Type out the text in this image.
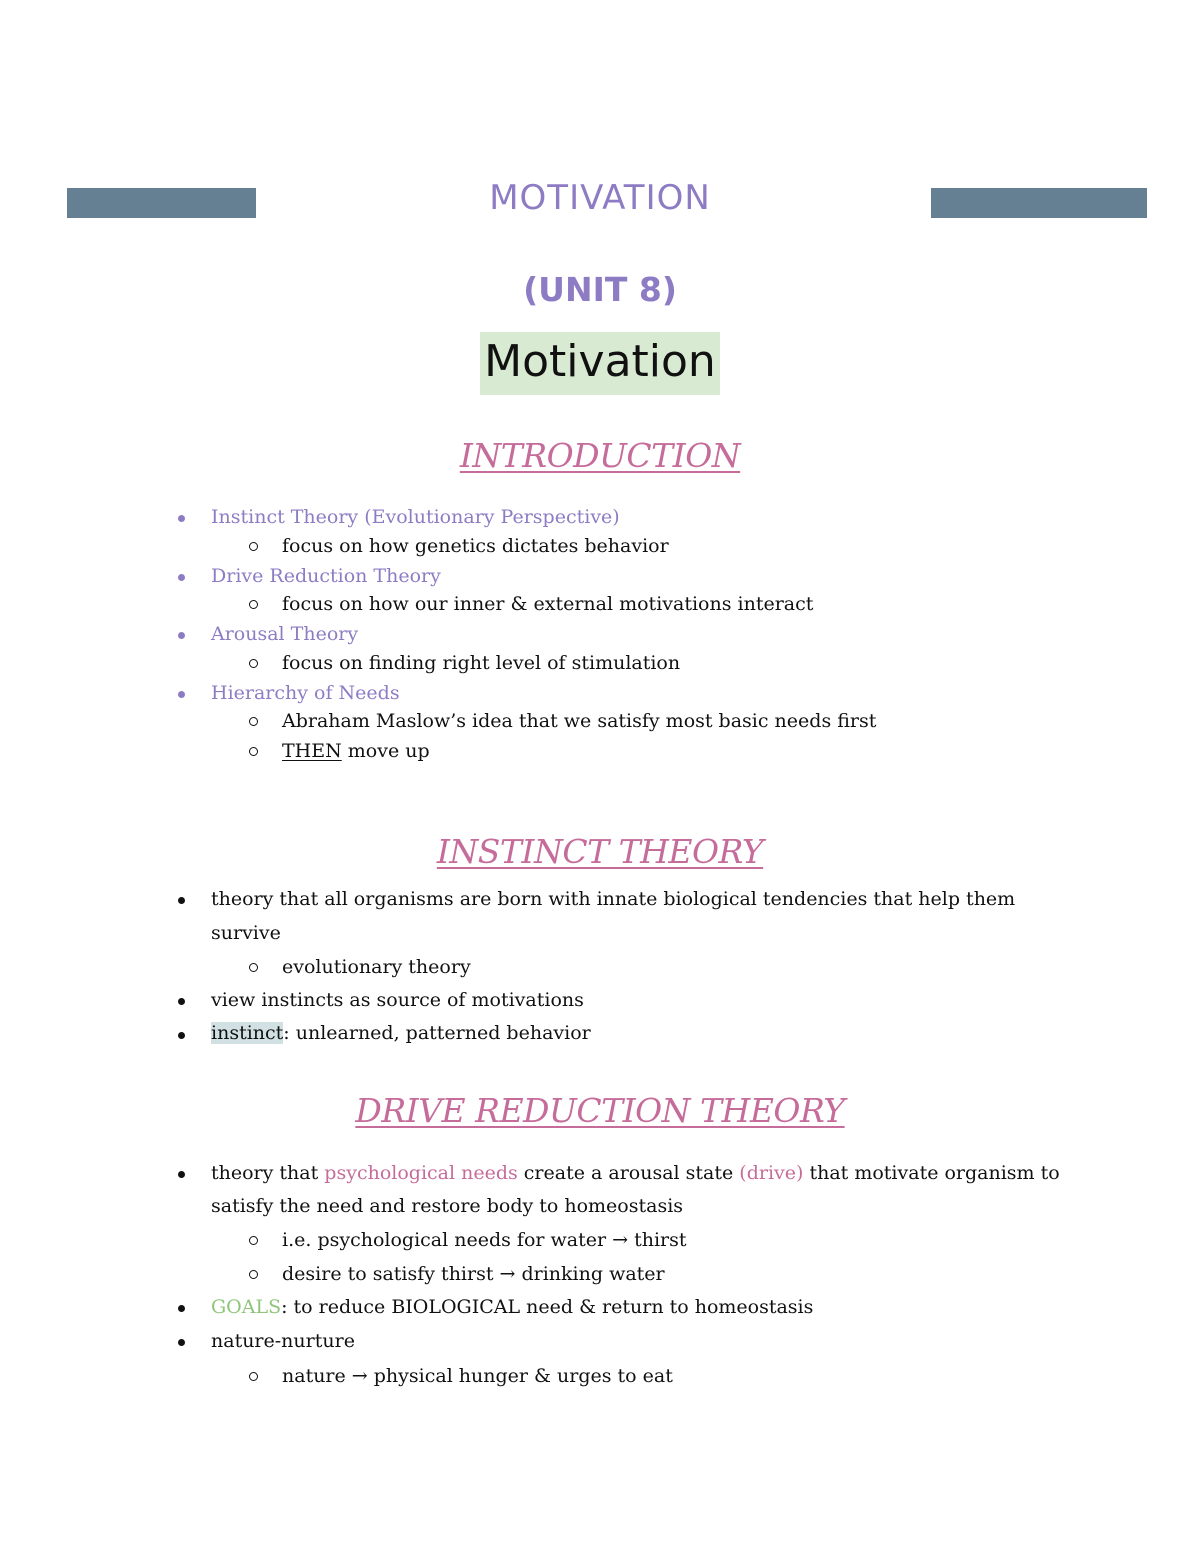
MOTIVATION
(UNIT 8)
Motivation
INTRODUCTION
Instinct Theory (Evolutionary Perspective)
focus on how genetics dictates behavior
Drive Reduction Theory
focus on how our inner & external motivations interact
Arousal Theory
focus on finding right level of stimulation
Hierarchy of Needs
Abraham Maslow’s idea that we satisfy most basic needs first
THEN move up
INSTINCT THEORY
theory that all organisms are born with innate biological tendencies that help them
survive
evolutionary theory
view instincts as source of motivations
instinct: unlearned, patterned behavior
DRIVE REDUCTION THEORY
theory that psychological needs create a arousal state (drive) that motivate organism to
satisfy the need and restore body to homeostasis
i.e. psychological needs for water → thirst
desire to satisfy thirst → drinking water
GOALS: to reduce BIOLOGICAL need & return to homeostasis
nature-nurture
nature → physical hunger & urges to eat
